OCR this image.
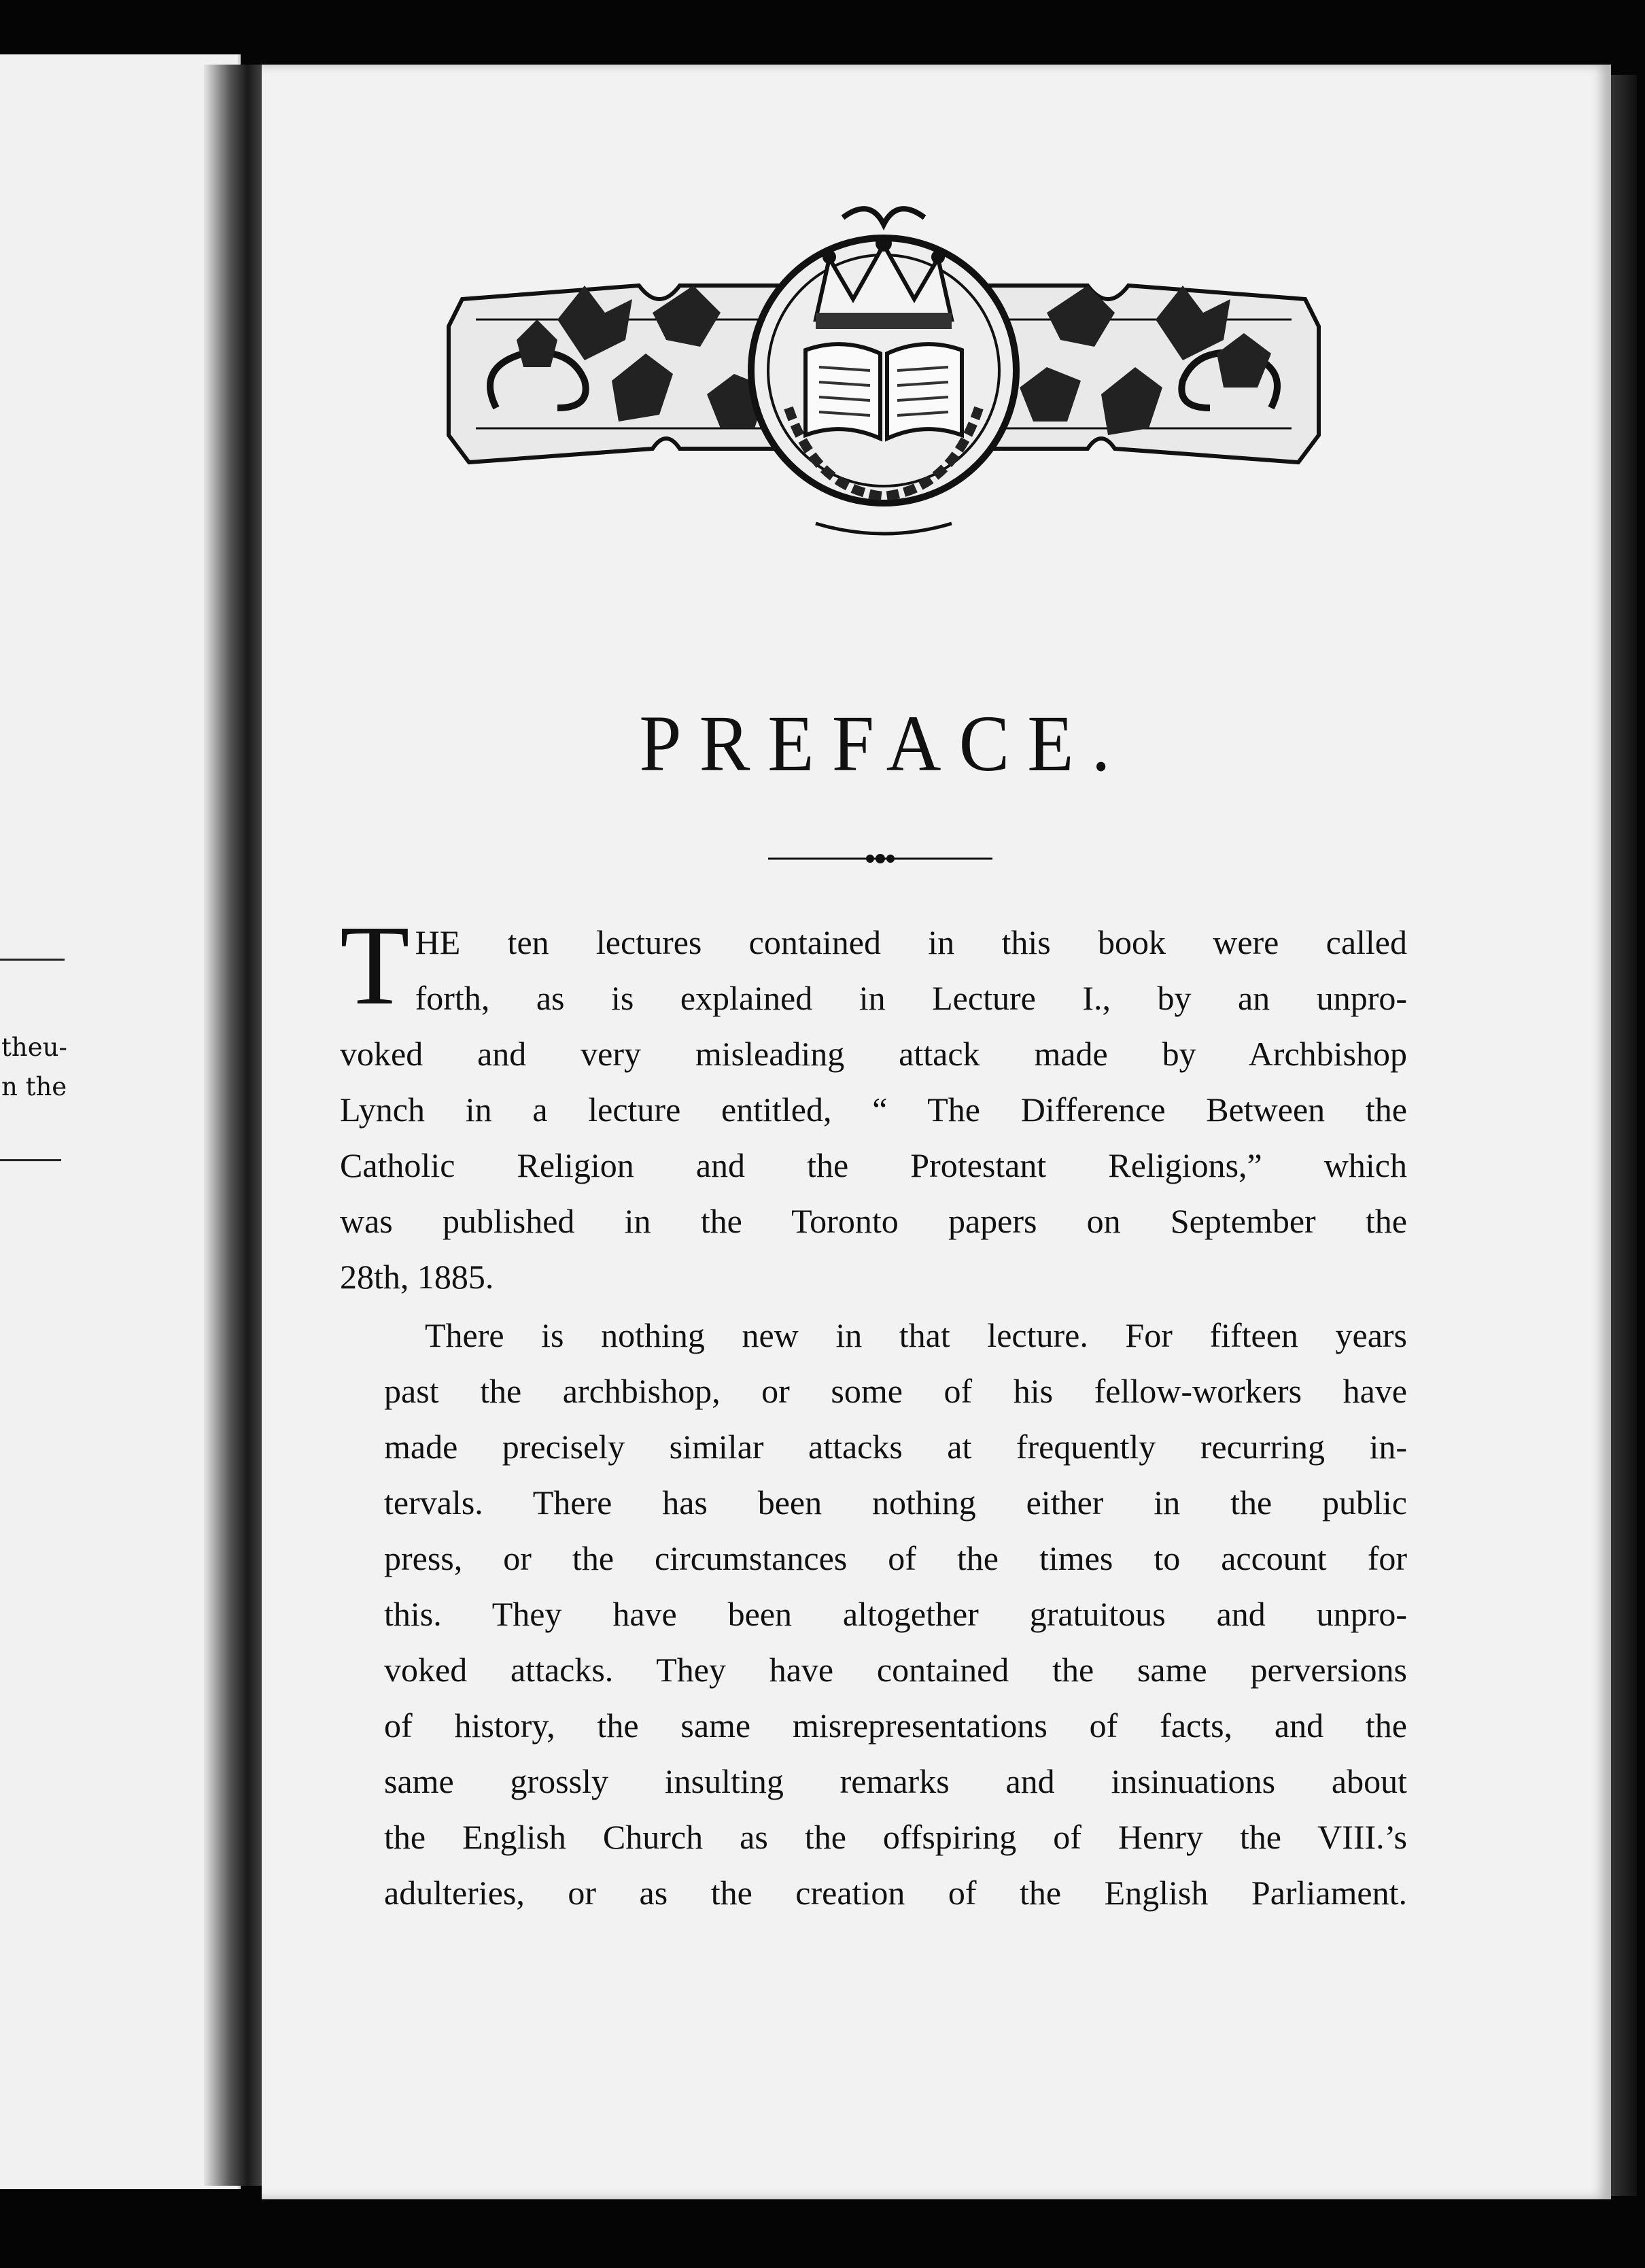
theu-
n the
PREFACE.

T HE ten lectures contained in this book were called
forth, as is explained in Lecture I., by an unpro-
voked and very misleading attack made by Archbishop
Lynch in a lecture entitled, “ The Difference Between the
Catholic Religion and the Protestant Religions,” which
was published in the Toronto papers on September the
28th, 1885.

There is nothing new in that lecture. For fifteen years
past the archbishop, or some of his fellow-workers have
made precisely similar attacks at frequently recurring in-
tervals. There has been nothing either in the public
press, or the circumstances of the times to account for
this. They have been altogether gratuitous and unpro-
voked attacks. They have contained the same perversions
of history, the same misrepresentations of facts, and the
same grossly insulting remarks and insinuations about
the English Church as the offspiring of Henry the VIII.’s
adulteries, or as the creation of the English Parliament.
